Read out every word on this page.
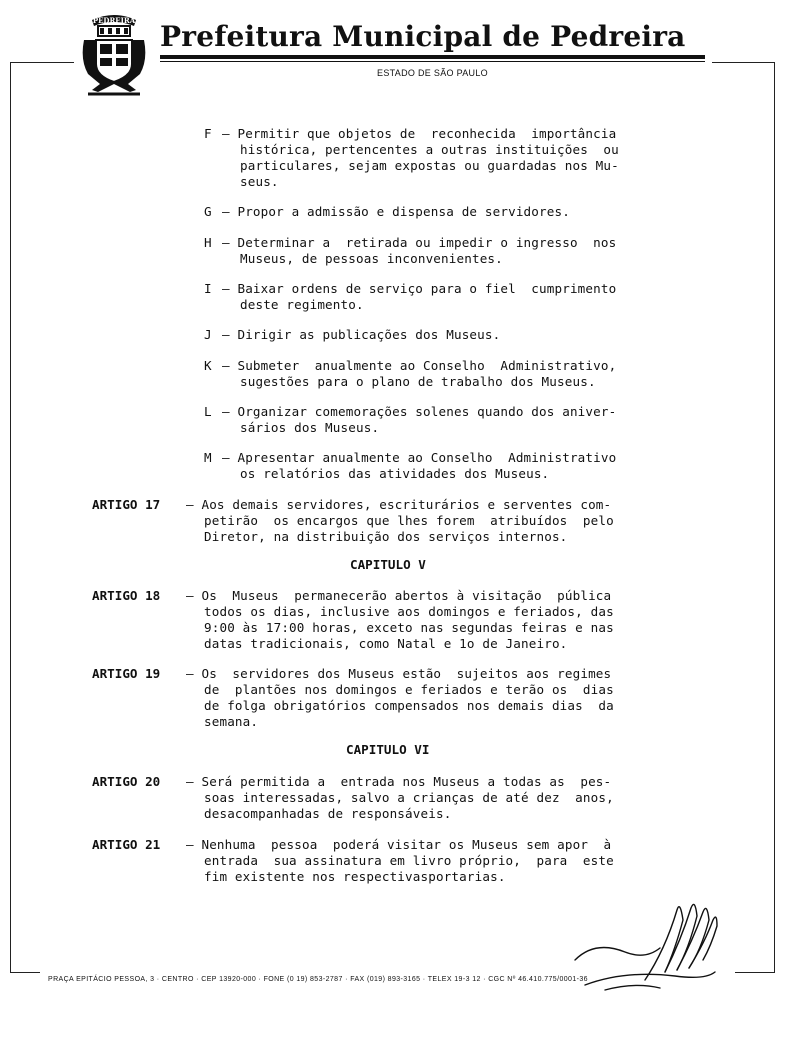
PEDREIRA Prefeitura Municipal de Pedreira
ESTADO DE SÃO PAULO
F – Permitir que objetos de  reconhecida  importância
histórica, pertencentes a outras instituições  ou
particulares, sejam expostas ou guardadas nos Mu-
seus.
G – Propor a admissão e dispensa de servidores.
H – Determinar a  retirada ou impedir o ingresso  nos
Museus, de pessoas inconvenientes.
I – Baixar ordens de serviço para o fiel  cumprimento
deste regimento.
J – Dirigir as publicações dos Museus.
K – Submeter  anualmente ao Conselho  Administrativo,
sugestões para o plano de trabalho dos Museus.
L – Organizar comemorações solenes quando dos aniver-
sários dos Museus.
M – Apresentar anualmente ao Conselho  Administrativo
os relatórios das atividades dos Museus.
ARTIGO 17 – Aos demais servidores, escriturários e serventes com-
petirão  os encargos que lhes forem  atribuídos  pelo
Diretor, na distribuição dos serviços internos.
CAPITULO V
ARTIGO 18 – Os  Museus  permanecerão abertos à visitação  pública
todos os dias, inclusive aos domingos e feriados, das
9:00 às 17:00 horas, exceto nas segundas feiras e nas
datas tradicionais, como Natal e 1o de Janeiro.
ARTIGO 19 – Os  servidores dos Museus estão  sujeitos aos regimes
de  plantões nos domingos e feriados e terão os  dias
de folga obrigatórios compensados nos demais dias  da
semana.
CAPITULO VI
ARTIGO 20 – Será permitida a  entrada nos Museus a todas as  pes-
soas interessadas, salvo a crianças de até dez  anos,
desacompanhadas de responsáveis.
ARTIGO 21 – Nenhuma  pessoa  poderá visitar os Museus sem apor  à
entrada  sua assinatura em livro próprio,  para  este
fim existente nos respectivasportarias.
PRAÇA EPITÁCIO PESSOA, 3 · CENTRO · CEP 13920-000 · FONE (0 19) 853-2787 · FAX (019) 893-3165 · TELEX 19-3 12 · CGC Nº 46.410.775/0001-36
